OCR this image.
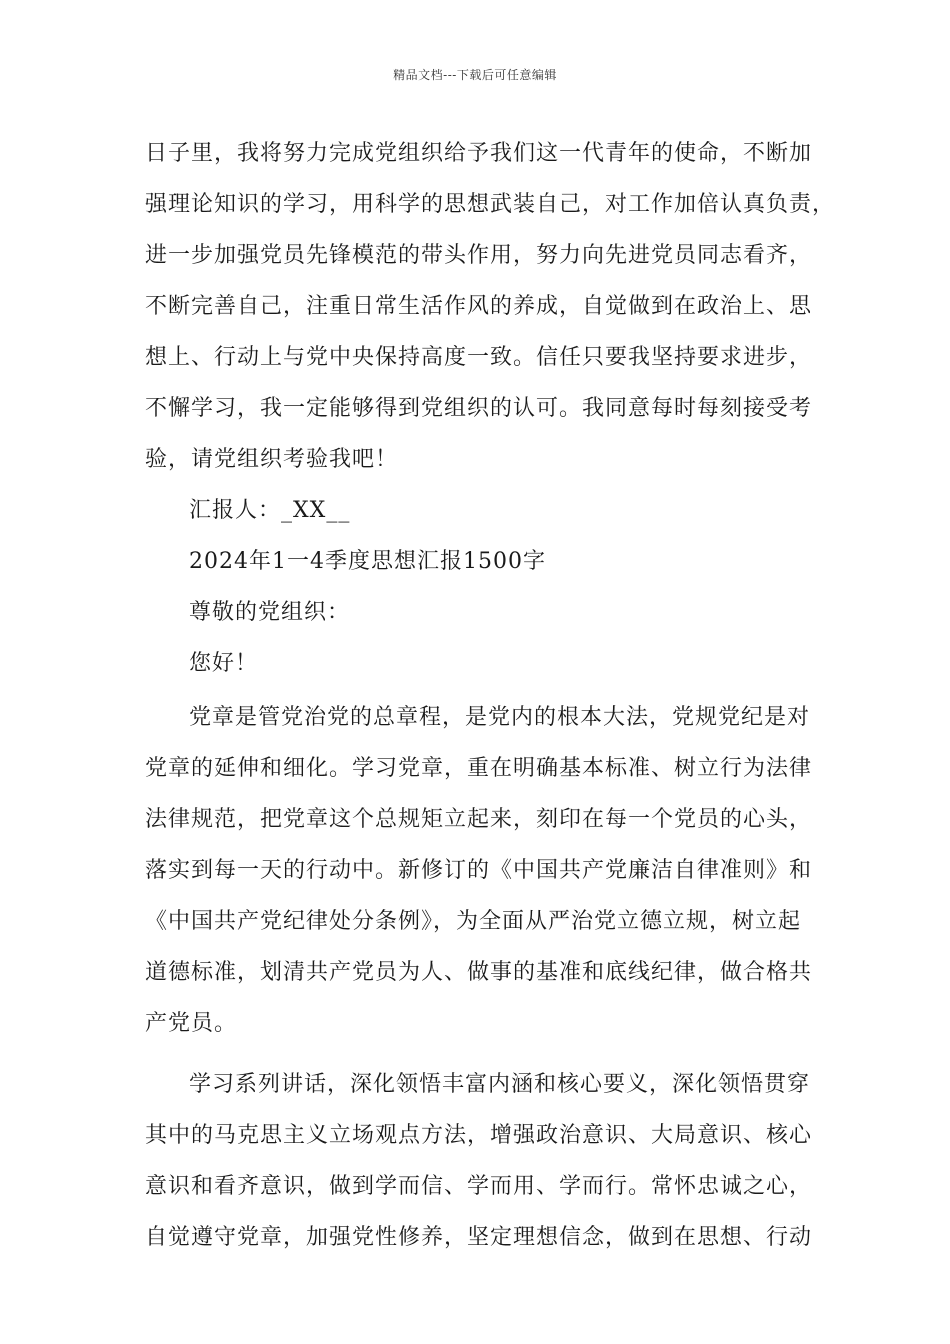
精品文档---下载后可任意编辑
日子里，我将努力完成党组织给予我们这一代青年的使命，不断加
强理论知识的学习，用科学的思想武装自己，对工作加倍认真负责，
进一步加强党员先锋模范的带头作用，努力向先进党员同志看齐，
不断完善自己，注重日常生活作风的养成，自觉做到在政治上、思
想上、行动上与党中央保持高度一致。信任只要我坚持要求进步，
不懈学习，我一定能够得到党组织的认可。我同意每时每刻接受考
验，请党组织考验我吧！
汇报人：_XX__
2024年1一4季度思想汇报1500字
尊敬的党组织：
您好！
党章是管党治党的总章程，是党内的根本大法，党规党纪是对
党章的延伸和细化。学习党章，重在明确基本标准、树立行为法律
法律规范，把党章这个总规矩立起来，刻印在每一个党员的心头，
落实到每一天的行动中。新修订的《中国共产党廉洁自律准则》和
《中国共产党纪律处分条例》，为全面从严治党立德立规，树立起
道德标准，划清共产党员为人、做事的基准和底线纪律，做合格共
产党员。
学习系列讲话，深化领悟丰富内涵和核心要义，深化领悟贯穿
其中的马克思主义立场观点方法，增强政治意识、大局意识、核心
意识和看齐意识，做到学而信、学而用、学而行。常怀忠诚之心，
自觉遵守党章，加强党性修养，坚定理想信念，做到在思想、行动
